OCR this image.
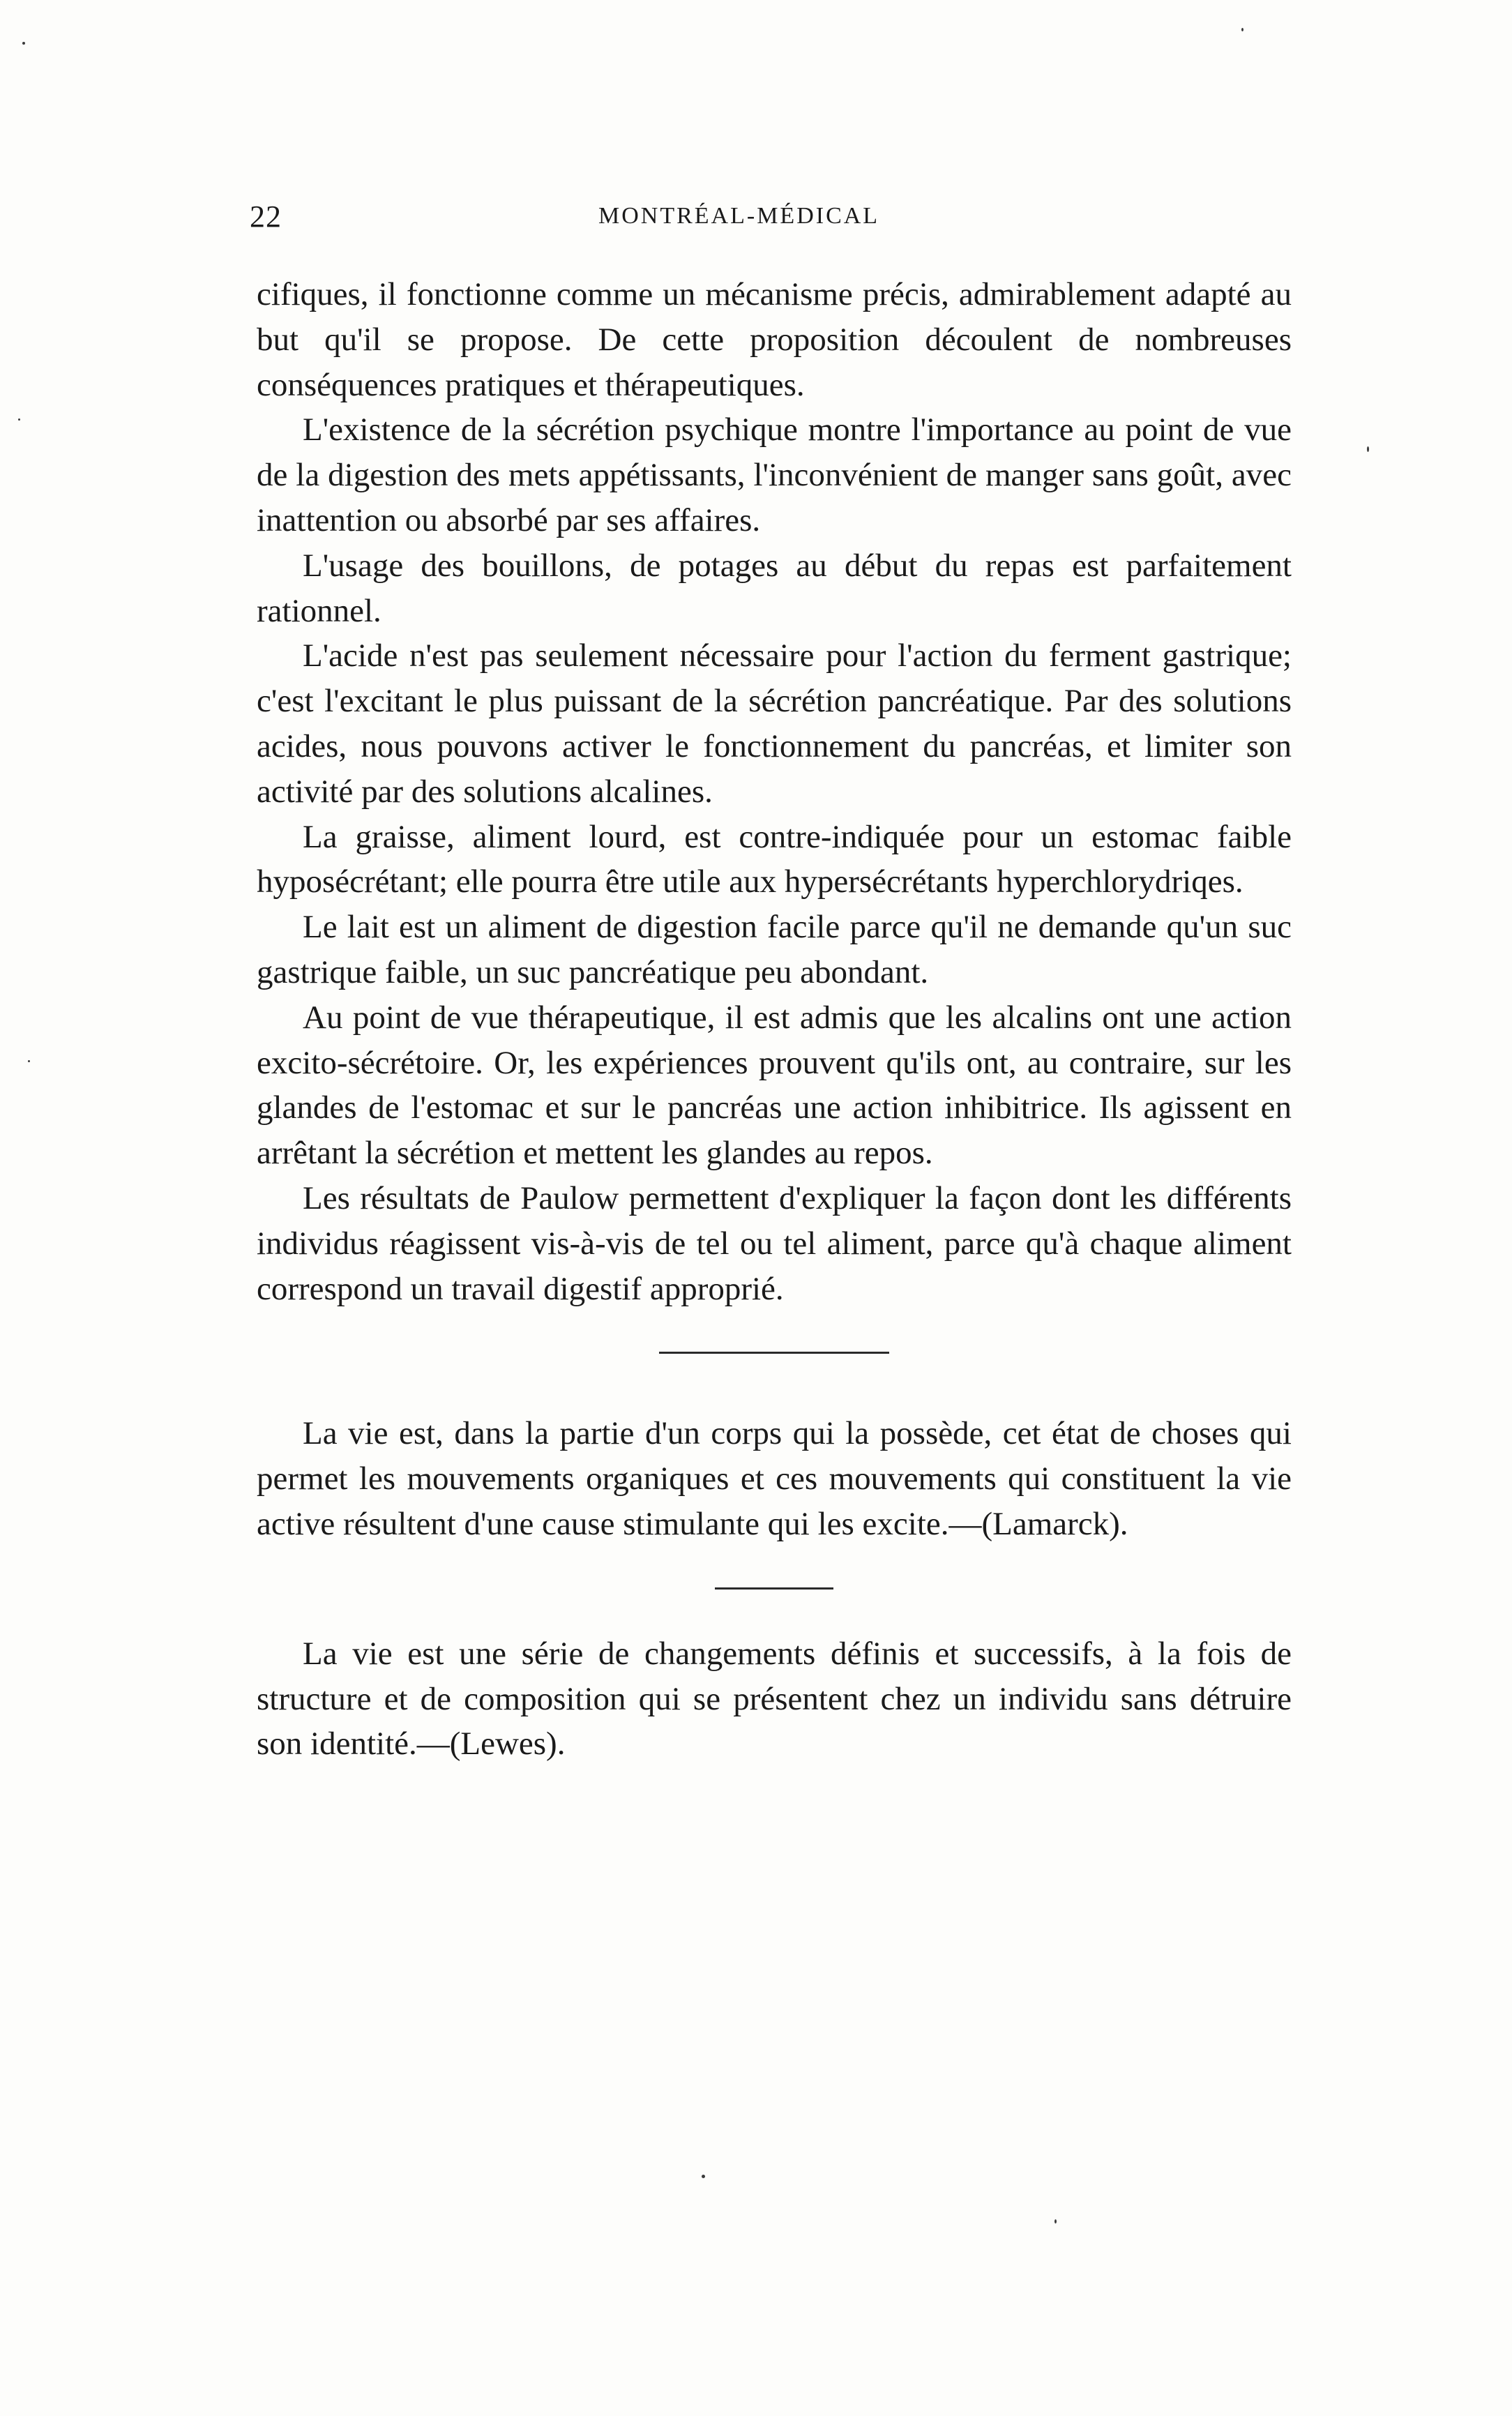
22	MONTRÉAL-MÉDICAL

cifiques, il fonctionne comme un mécanisme précis, admirablement adapté au but qu'il se propose. De cette proposition découlent de nombreuses conséquences pratiques et thérapeutiques.

L'existence de la sécrétion psychique montre l'importance au point de vue de la digestion des mets appétissants, l'inconvénient de manger sans goût, avec inattention ou absorbé par ses affaires.

L'usage des bouillons, de potages au début du repas est parfaitement rationnel.

L'acide n'est pas seulement nécessaire pour l'action du ferment gastrique; c'est l'excitant le plus puissant de la sécrétion pancréatique. Par des solutions acides, nous pouvons activer le fonctionnement du pancréas, et limiter son activité par des solutions alcalines.

La graisse, aliment lourd, est contre-indiquée pour un estomac faible hyposécrétant; elle pourra être utile aux hypersécrétants hyperchlorydriqes.

Le lait est un aliment de digestion facile parce qu'il ne demande qu'un suc gastrique faible, un suc pancréatique peu abondant.

Au point de vue thérapeutique, il est admis que les alcalins ont une action excito-sécrétoire. Or, les expériences prouvent qu'ils ont, au contraire, sur les glandes de l'estomac et sur le pancréas une action inhibitrice. Ils agissent en arrêtant la sécrétion et mettent les glandes au repos.

Les résultats de Paulow permettent d'expliquer la façon dont les différents individus réagissent vis-à-vis de tel ou tel aliment, parce qu'à chaque aliment correspond un travail digestif approprié.

La vie est, dans la partie d'un corps qui la possède, cet état de choses qui permet les mouvements organiques et ces mouvements qui constituent la vie active résultent d'une cause stimulante qui les excite.—(Lamarck).

La vie est une série de changements définis et successifs, à la fois de structure et de composition qui se présentent chez un individu sans détruire son identité.—(Lewes).
